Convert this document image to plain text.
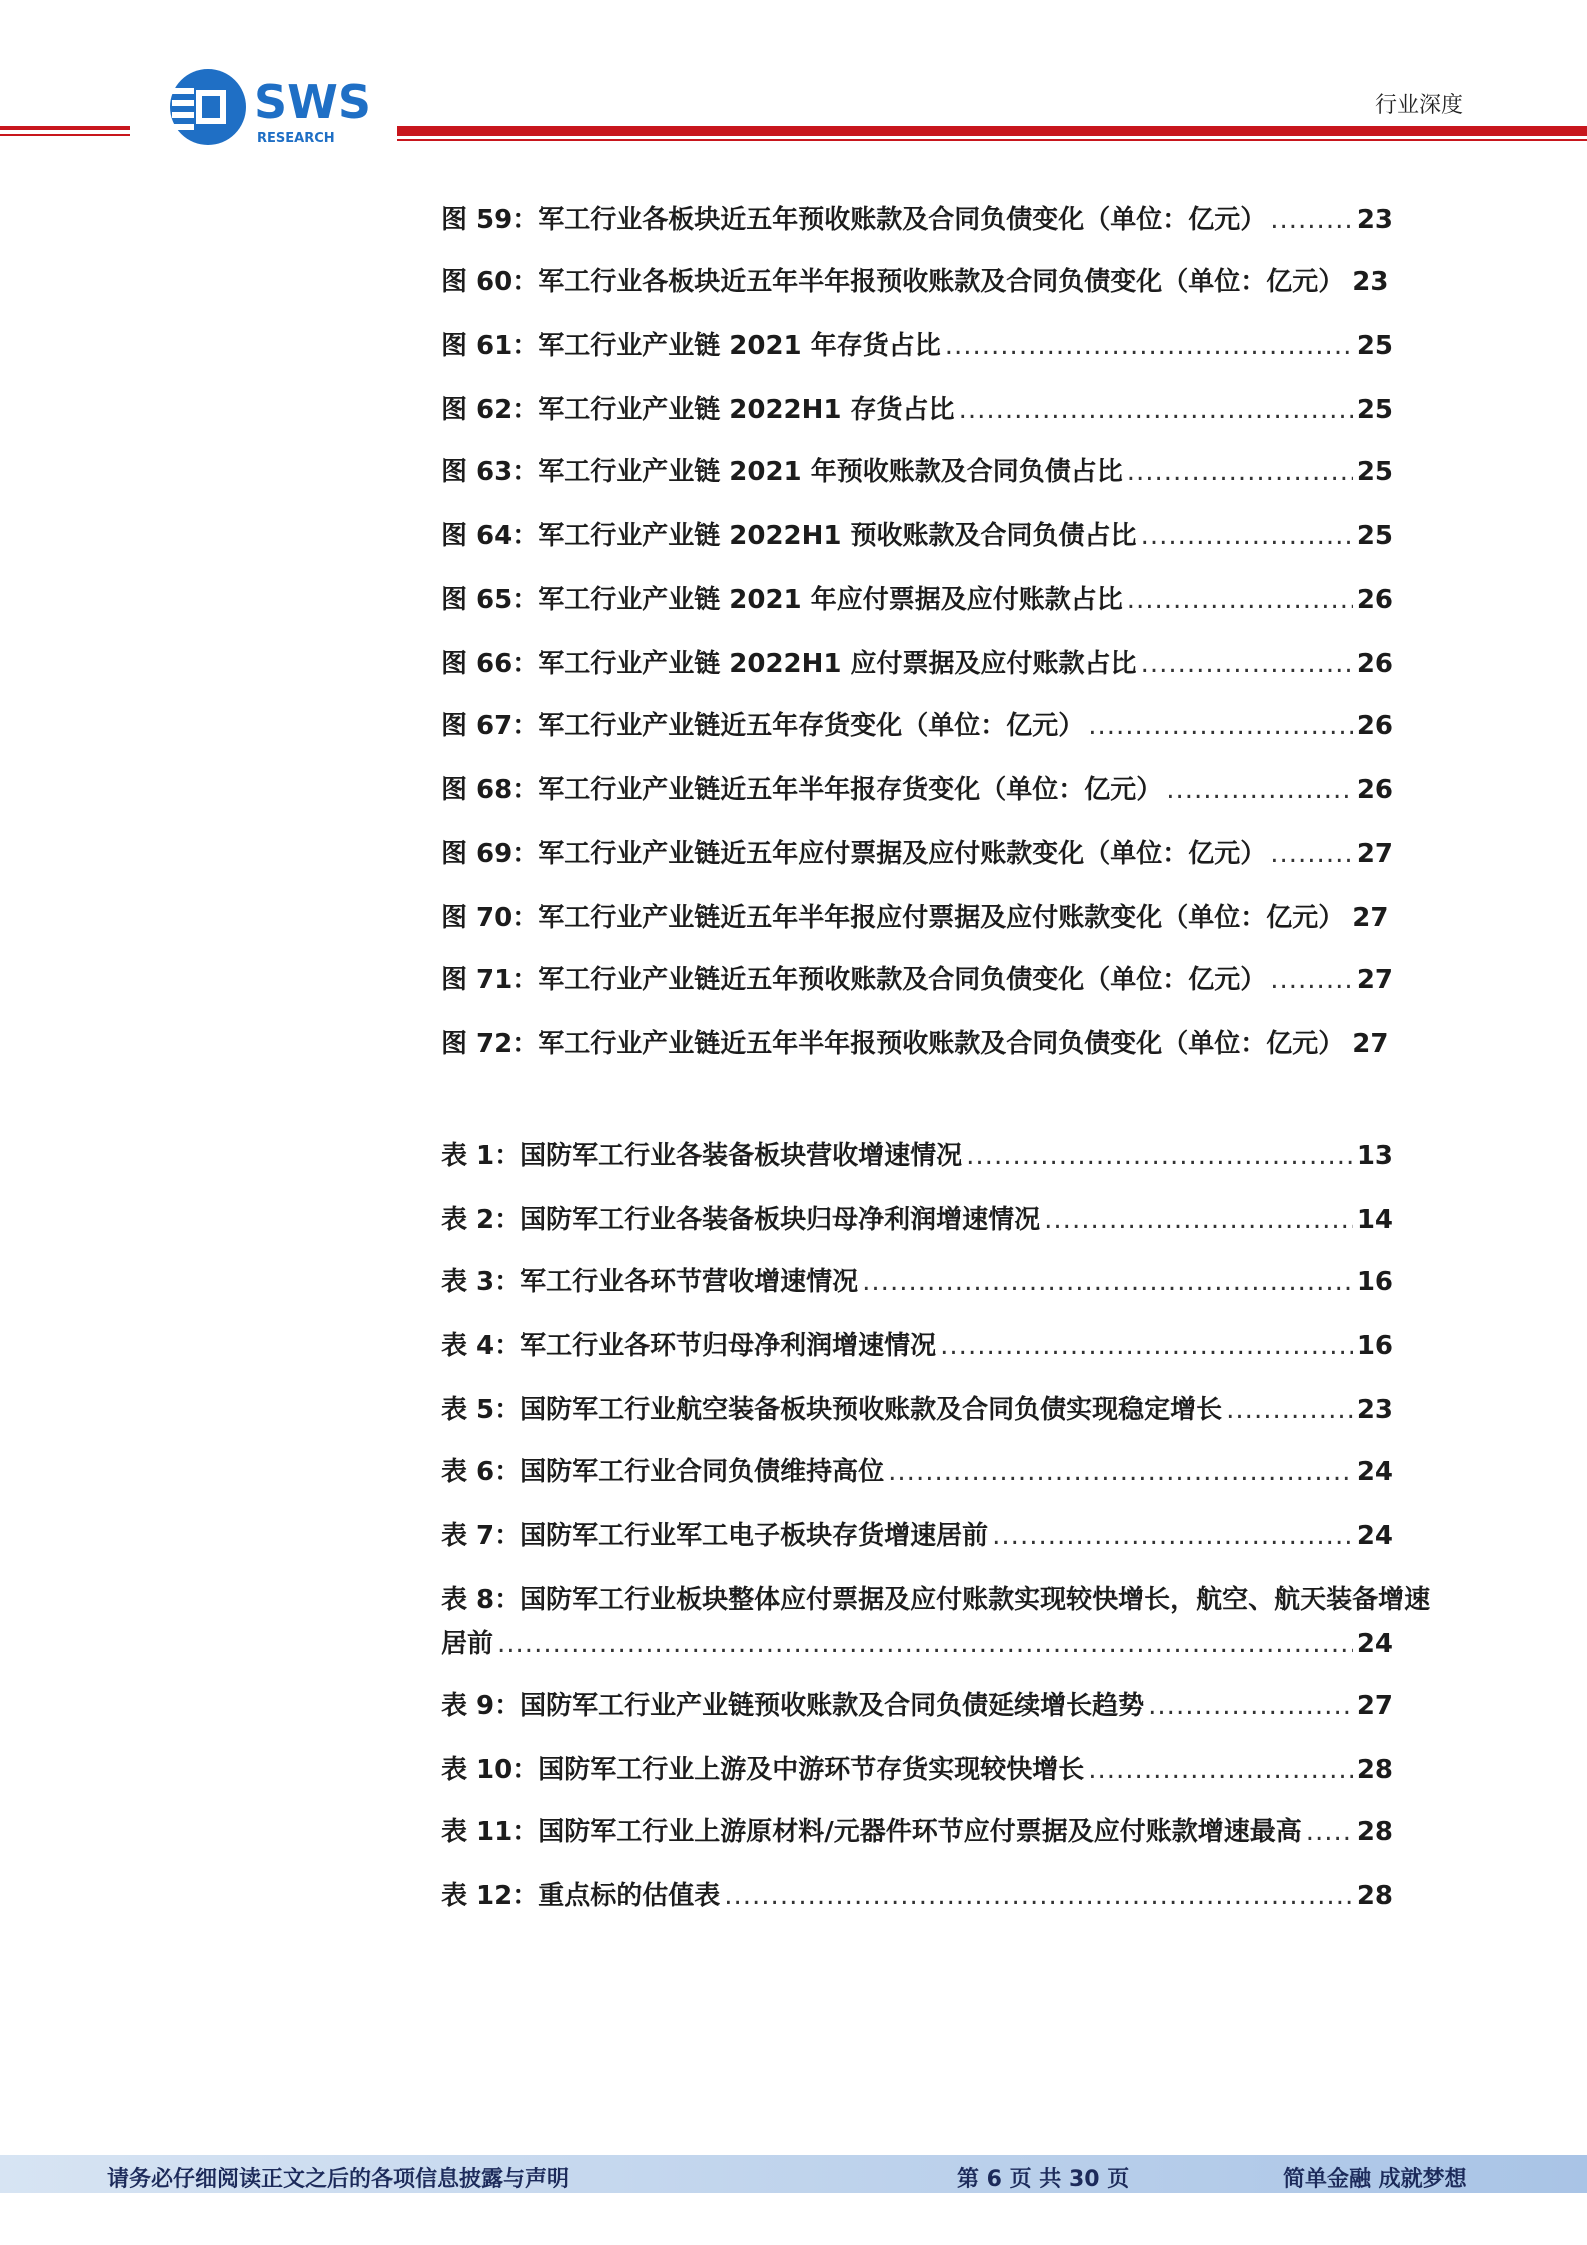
SWS
RESEARCH
行业深度
图 59：军工行业各板块近五年预收账款及合同负债变化（单位：亿元） .....	23
图 60：军工行业各板块近五年半年报预收账款及合同负债变化（单位：亿元） 23
图 61：军工行业产业链 2021 年存货占比 .....	25
图 62：军工行业产业链 2022H1 存货占比 .....	25
图 63：军工行业产业链 2021 年预收账款及合同负债占比 .....	25
图 64：军工行业产业链 2022H1 预收账款及合同负债占比 .....	25
图 65：军工行业产业链 2021 年应付票据及应付账款占比 .....	26
图 66：军工行业产业链 2022H1 应付票据及应付账款占比 .....	26
图 67：军工行业产业链近五年存货变化（单位：亿元） .....	26
图 68：军工行业产业链近五年半年报存货变化（单位：亿元） .....	26
图 69：军工行业产业链近五年应付票据及应付账款变化（单位：亿元） .....	27
图 70：军工行业产业链近五年半年报应付票据及应付账款变化（单位：亿元） 27
图 71：军工行业产业链近五年预收账款及合同负债变化（单位：亿元） .....	27
图 72：军工行业产业链近五年半年报预收账款及合同负债变化（单位：亿元） 27
表 1：国防军工行业各装备板块营收增速情况 .....	13
表 2：国防军工行业各装备板块归母净利润增速情况 .....	14
表 3：军工行业各环节营收增速情况 .....	16
表 4：军工行业各环节归母净利润增速情况 .....	16
表 5：国防军工行业航空装备板块预收账款及合同负债实现稳定增长 .....	23
表 6：国防军工行业合同负债维持高位 .....	24
表 7：国防军工行业军工电子板块存货增速居前 .....	24
表 8：国防军工行业板块整体应付票据及应付账款实现较快增长，航空、航天装备增速
居前 .....	24
表 9：国防军工行业产业链预收账款及合同负债延续增长趋势 .....	27
表 10：国防军工行业上游及中游环节存货实现较快增长 .....	28
表 11：国防军工行业上游原材料/元器件环节应付票据及应付账款增速最高 ..... 28
表 12：重点标的估值表 .....	28
请务必仔细阅读正文之后的各项信息披露与声明	第 6 页 共 30 页	简单金融 成就梦想
